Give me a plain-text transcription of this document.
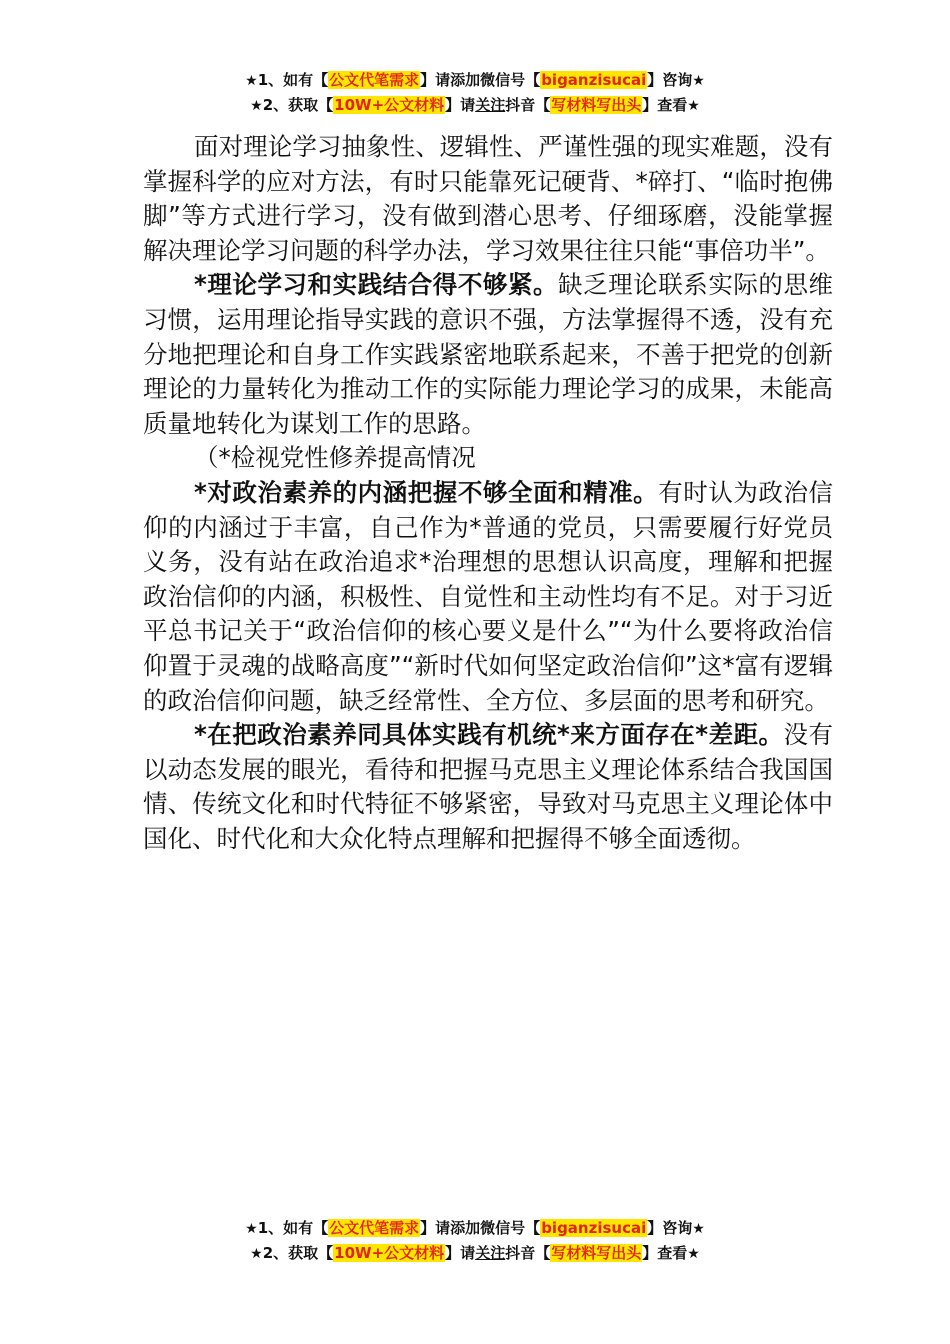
★1、如有【公文代笔需求】请添加微信号【biganzisucai】咨询★
★2、获取【10W+公文材料】请关注抖音【写材料写出头】查看★

面对理论学习抽象性、逻辑性、严谨性强的现实难题，没有掌握科学的应对方法，有时只能靠死记硬背、*碎打、“临时抱佛脚”等方式进行学习，没有做到潜心思考、仔细琢磨，没能掌握解决理论学习问题的科学办法，学习效果往往只能“事倍功半”。

*理论学习和实践结合得不够紧。缺乏理论联系实际的思维习惯，运用理论指导实践的意识不强，方法掌握得不透，没有充分地把理论和自身工作实践紧密地联系起来，不善于把党的创新理论的力量转化为推动工作的实际能力理论学习的成果，未能高质量地转化为谋划工作的思路。

（*检视党性修养提高情况

*对政治素养的内涵把握不够全面和精准。有时认为政治信仰的内涵过于丰富，自己作为*普通的党员，只需要履行好党员义务，没有站在政治追求*治理想的思想认识高度，理解和把握政治信仰的内涵，积极性、自觉性和主动性均有不足。对于习近平总书记关于“政治信仰的核心要义是什么”“为什么要将政治信仰置于灵魂的战略高度”“新时代如何坚定政治信仰”这*富有逻辑的政治信仰问题，缺乏经常性、全方位、多层面的思考和研究。

*在把政治素养同具体实践有机统*来方面存在*差距。没有以动态发展的眼光，看待和把握马克思主义理论体系结合我国国情、传统文化和时代特征不够紧密，导致对马克思主义理论体中国化、时代化和大众化特点理解和把握得不够全面透彻。

★1、如有【公文代笔需求】请添加微信号【biganzisucai】咨询★
★2、获取【10W+公文材料】请关注抖音【写材料写出头】查看★
